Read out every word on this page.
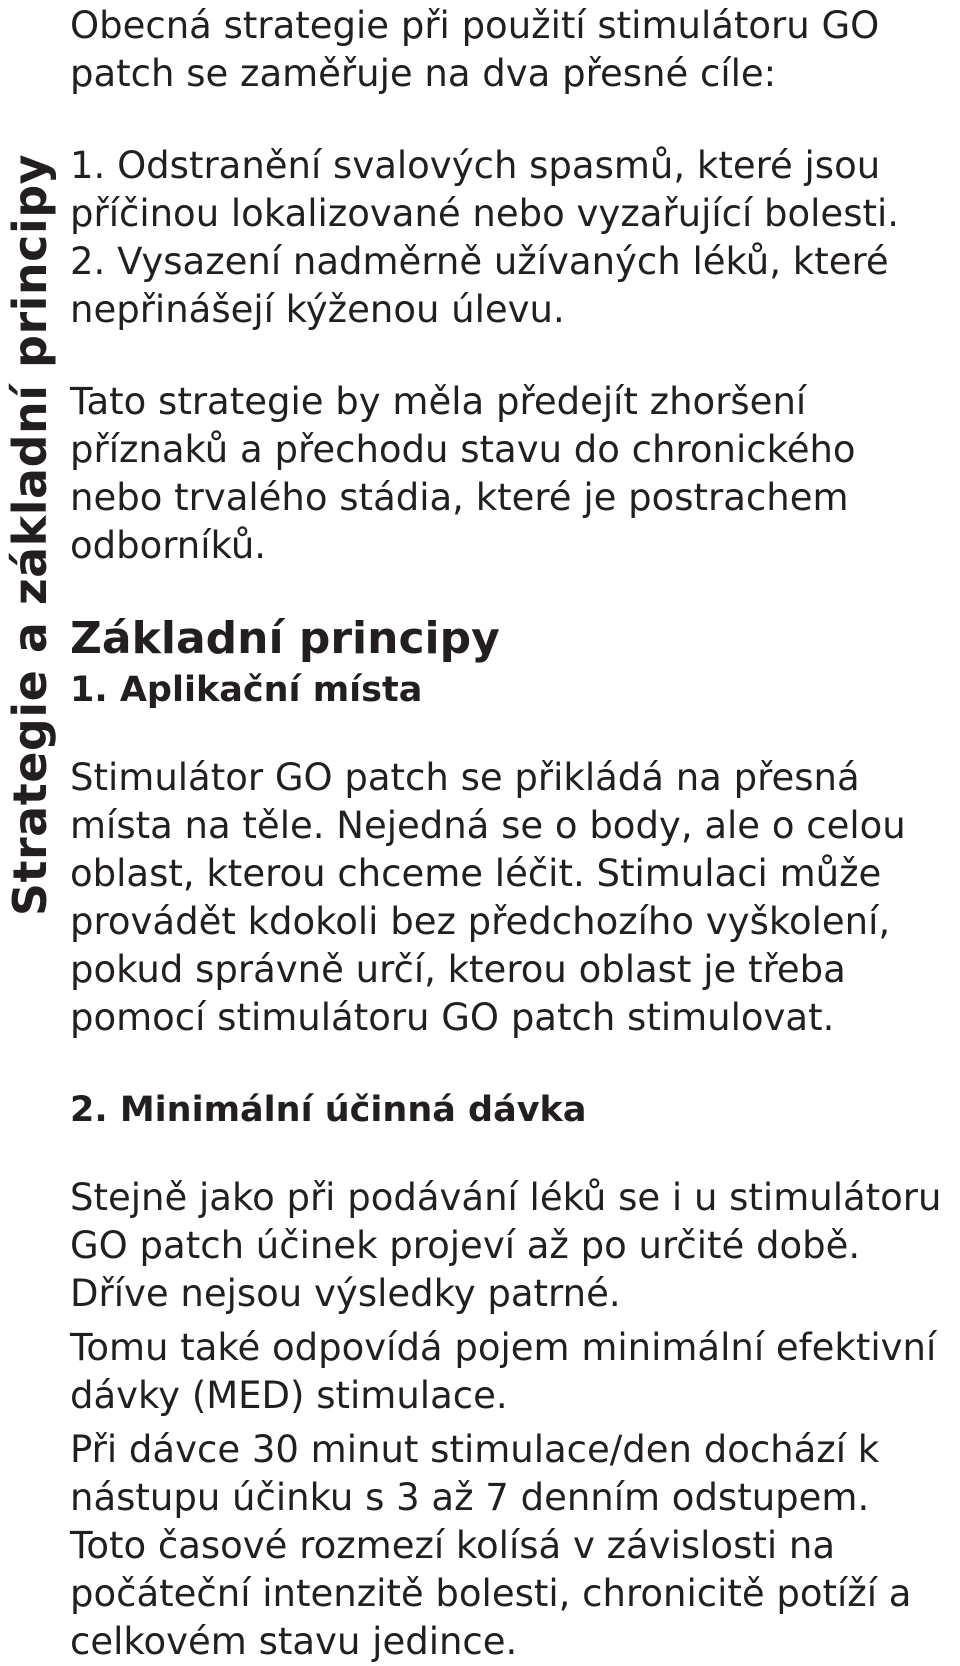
Strategie a základní principy

Obecná strategie při použití stimulátoru GO patch se zaměřuje na dva přesné cíle:

1. Odstranění svalových spasmů, které jsou příčinou lokalizované nebo vyzařující bolesti.
2. Vysazení nadměrně užívaných léků, které nepřinášejí kýženou úlevu.

Tato strategie by měla předejít zhoršení příznaků a přechodu stavu do chronického nebo trvalého stádia, které je postrachem odborníků.

Základní principy
1. Aplikační místa

Stimulátor GO patch se přikládá na přesná místa na těle. Nejedná se o body, ale o celou oblast, kterou chceme léčit. Stimulaci může provádět kdokoli bez předchozího vyškolení, pokud správně určí, kterou oblast je třeba pomocí stimulátoru GO patch stimulovat.

2. Minimální účinná dávka

Stejně jako při podávání léků se i u stimulátoru GO patch účinek projeví až po určité době. Dříve nejsou výsledky patrné.

Tomu také odpovídá pojem minimální efektivní dávky (MED) stimulace.

Při dávce 30 minut stimulace/den dochází k nástupu účinku s 3 až 7 denním odstupem. Toto časové rozmezí kolísá v závislosti na počáteční intenzitě bolesti, chronicitě potíží a celkovém stavu jedince.
